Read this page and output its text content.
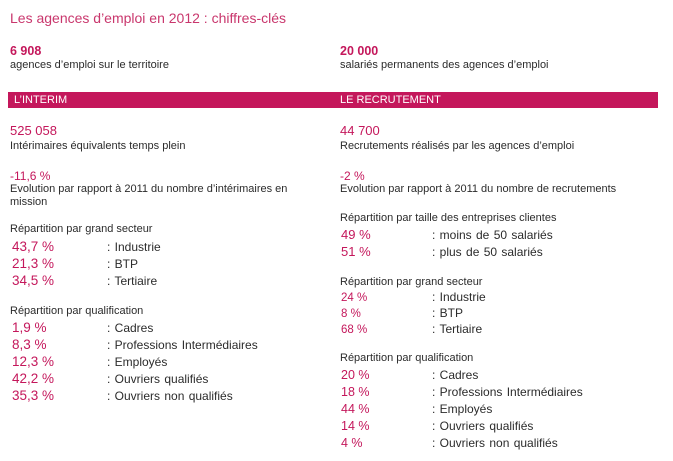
Les agences d’emploi en 2012 : chiffres-clés
L’INTERIM	LE RECRUTEMENT
6 908
agences d’emploi sur le territoire
525 058
Intérimaires équivalents temps plein
-11,6 %
Evolution par rapport à 2011 du nombre d’intérimaires en mission
Répartition par grand secteur
43,7 %	: Industrie
21,3 %	: BTP
34,5 %	: Tertiaire
Répartition par qualification
1,9 %	: Cadres
8,3 %	: Professions Intermédiaires
12,3 %	: Employés
42,2 %	: Ouvriers qualifiés
35,3 %	: Ouvriers non qualifiés
20 000
salariés permanents des agences d’emploi
44 700
Recrutements réalisés par les agences d’emploi
-2 %
Evolution par rapport à 2011 du nombre de recrutements
Répartition par taille des entreprises clientes
49 %	: moins de 50 salariés
51 %	: plus de 50 salariés
Répartition par grand secteur
24 %	: Industrie
8 %	: BTP
68 %	: Tertiaire
Répartition par qualification
20 %	: Cadres
18 %	: Professions Intermédiaires
44 %	: Employés
14 %	: Ouvriers qualifiés
4 %	: Ouvriers non qualifiés
